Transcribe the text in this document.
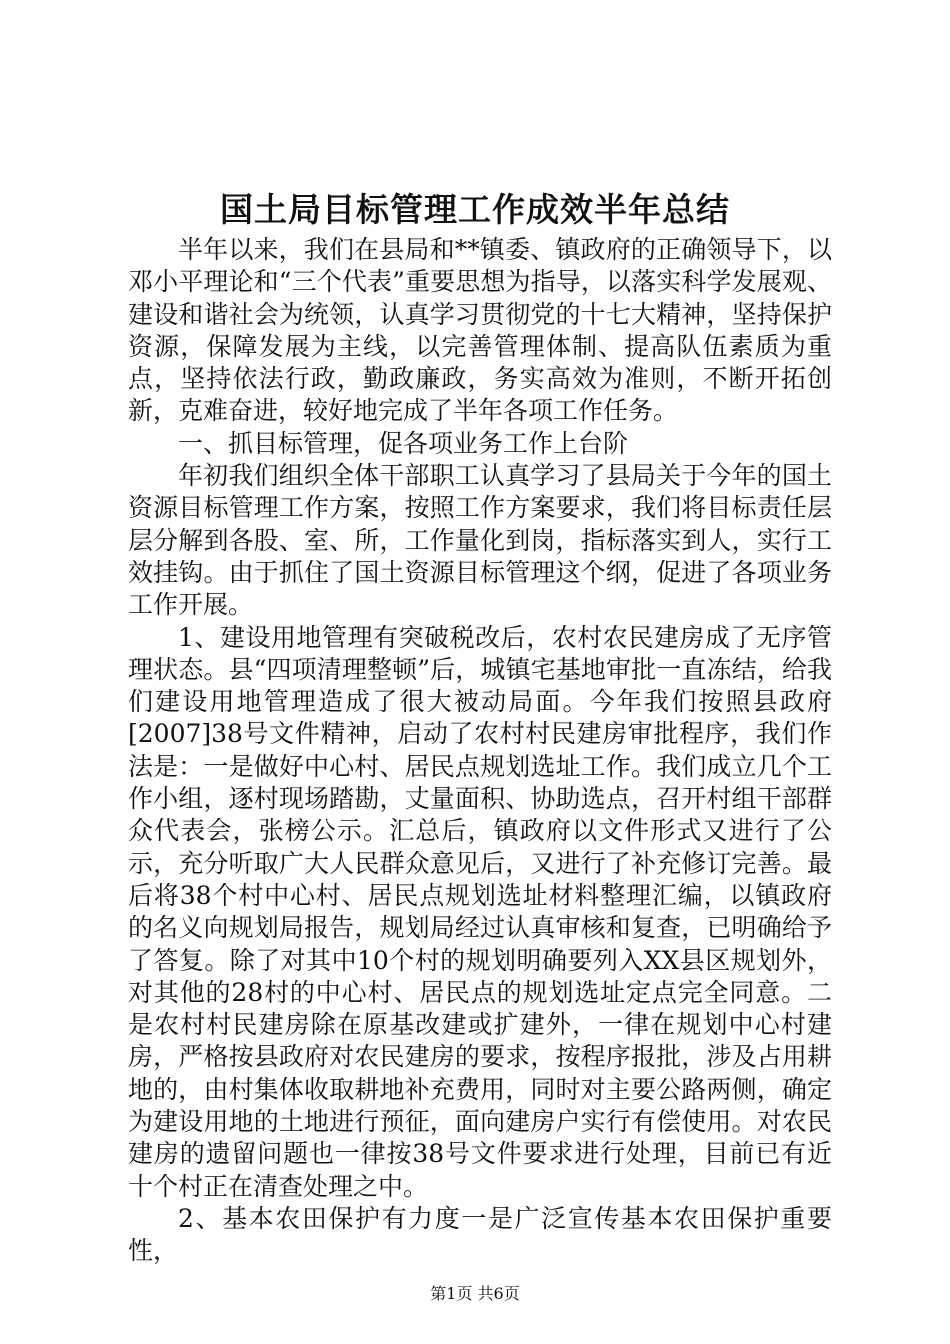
国土局目标管理工作成效半年总结

半年以来，我们在县局和**镇委、镇政府的正确领导下，以邓小平理论和“三个代表”重要思想为指导，以落实科学发展观、建设和谐社会为统领，认真学习贯彻党的十七大精神，坚持保护资源，保障发展为主线，以完善管理体制、提高队伍素质为重点，坚持依法行政，勤政廉政，务实高效为准则，不断开拓创新，克难奋进，较好地完成了半年各项工作任务。

一、抓目标管理，促各项业务工作上台阶

年初我们组织全体干部职工认真学习了县局关于今年的国土资源目标管理工作方案，按照工作方案要求，我们将目标责任层层分解到各股、室、所，工作量化到岗，指标落实到人，实行工效挂钩。由于抓住了国土资源目标管理这个纲，促进了各项业务工作开展。

1、建设用地管理有突破税改后，农村农民建房成了无序管理状态。县“四项清理整顿”后，城镇宅基地审批一直冻结，给我们建设用地管理造成了很大被动局面。今年我们按照县政府[2007]38号文件精神，启动了农村村民建房审批程序，我们作法是：一是做好中心村、居民点规划选址工作。我们成立几个工作小组，逐村现场踏勘，丈量面积、协助选点，召开村组干部群众代表会，张榜公示。汇总后，镇政府以文件形式又进行了公示，充分听取广大人民群众意见后，又进行了补充修订完善。最后将38个村中心村、居民点规划选址材料整理汇编，以镇政府的名义向规划局报告，规划局经过认真审核和复查，已明确给予了答复。除了对其中10个村的规划明确要列入XX县区规划外，对其他的28村的中心村、居民点的规划选址定点完全同意。二是农村村民建房除在原基改建或扩建外，一律在规划中心村建房，严格按县政府对农民建房的要求，按程序报批，涉及占用耕地的，由村集体收取耕地补充费用，同时对主要公路两侧，确定为建设用地的土地进行预征，面向建房户实行有偿使用。对农民建房的遗留问题也一律按38号文件要求进行处理，目前已有近十个村正在清查处理之中。

2、基本农田保护有力度一是广泛宣传基本农田保护重要性，

第1页 共6页
